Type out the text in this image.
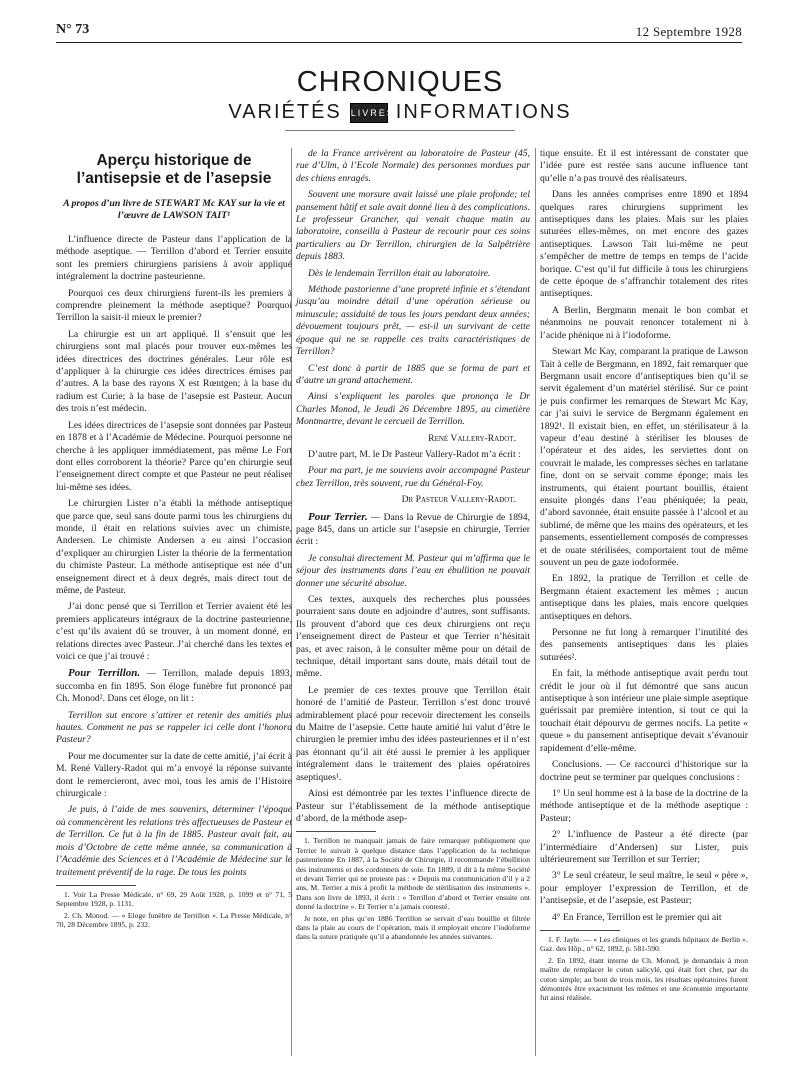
N° 73	12 Septembre 1928
CHRONIQUES
VARIÉTÉS LIVRES INFORMATIONS
Aperçu historique de l’antisepsie et de l’asepsie
A propos d’un livre de STEWART Mc KAY sur la vie et l’œuvre de LAWSON TAIT¹

L’influence directe de Pasteur dans l’application de la méthode aseptique. — Terrillon d’abord et Terrier ensuite sont les premiers chirurgiens parisiens à avoir appliqué intégralement la doctrine pasteurienne.

Pourquoi ces deux chirurgiens furent-ils les premiers à comprendre pleinement la méthode aseptique? Pourquoi Terrillon la saisit-il mieux le premier?

La chirurgie est un art appliqué. Il s’ensuit que les chirurgiens sont mal placés pour trouver eux-mêmes les idées directrices des doctrines générales. Leur rôle est d’appliquer à la chirurgie ces idées directrices émises par d’autres. A la base des rayons X est Rœntgen; à la base du radium est Curie; à la base de l’asepsie est Pasteur. Aucun des trois n’est médecin.

Les idées directrices de l’asepsie sont données par Pasteur en 1878 et à l’Académie de Médecine. Pourquoi personne ne cherche à les appliquer immédiatement, pas même Le Fort dont elles corroborent la théorie? Parce qu’en chirurgie seul l’enseignement direct compte et que Pasteur ne peut réaliser lui-même ses idées.

Le chirurgien Lister n’a établi la méthode antiseptique que parce que, seul sans doute parmi tous les chirurgiens du monde, il était en relations suivies avec un chimiste, Andersen. Le chimiste Andersen a eu ainsi l’occasion d’expliquer au chirurgien Lister la théorie de la fermentation du chimiste Pasteur. La méthode antiseptique est née d’un enseignement direct et à deux degrés, mais direct tout de même, de Pasteur.

J’ai donc pensé que si Terrillon et Terrier avaient été les premiers applicateurs intégraux de la doctrine pasteurienne, c’est qu’ils avaient dû se trouver, à un moment donné, en relations directes avec Pasteur. J’ai cherché dans les textes et voici ce que j’ai trouvé :

Pour Terrillon. — Terrillon, malade depuis 1893, succomba en fin 1895. Son éloge funèbre fut prononcé par Ch. Monod². Dans cet éloge, on lit :

Terrillon sut encore s’attirer et retenir des amitiés plus hautes. Comment ne pas se rappeler ici celle dont l’honora Pasteur?

Pour me documenter sur la date de cette amitié, j’ai écrit à M. René Vallery-Radot qui m’a envoyé la réponse suivante dont le remercieront, avec moi, tous les amis de l’Histoire chirurgicale :

Je puis, à l’aide de mes souvenirs, déterminer l’époque où commencèrent les relations très affectueuses de Pasteur et de Terrillon. Ce fut à la fin de 1885. Pasteur avait fait, au mois d’Octobre de cette même année, sa communication à l’Académie des Sciences et à l’Académie de Médecine sur le traitement préventif de la rage. De tous les points

1. Voir La Presse Médicale, n° 69, 29 Août 1928, p. 1099 et n° 71, 5 Septembre 1928, p. 1131.

2. Ch. Monod. — « Eloge funèbre de Terrillon ». La Presse Médicale, n° 70, 28 Décembre 1895, p. 232.

de la France arrivèrent au laboratoire de Pasteur (45, rue d’Ulm, à l’Ecole Normale) des personnes mordues par des chiens enragés.

Souvent une morsure avait laissé une plaie profonde; tel pansement hâtif et sale avait donné lieu à des complications. Le professeur Grancher, qui venait chaque matin au laboratoire, conseilla à Pasteur de recourir pour ces soins particuliers au Dr Terrillon, chirurgien de la Salpêtrière depuis 1883.

Dès le lendemain Terrillon était au laboratoire.

Méthode pastorienne d’une propreté infinie et s’étendant jusqu’au moindre détail d’une opération sérieuse ou minuscule; assiduité de tous les jours pendant deux années; dévouement toujours prêt, — est-il un survivant de cette époque qui ne se rappelle ces traits caractéristiques de Terrillon?

C’est donc à partir de 1885 que se forma de part et d’autre un grand attachement.

Ainsi s’expliquent les paroles que prononça le Dr Charles Monod, le Jeudi 26 Décembre 1895, au cimetière Montmartre, devant le cercueil de Terrillon.

René Vallery-Radot.

D’autre part, M. le Dr Pasteur Vallery-Radot m’a écrit :

Pour ma part, je me souviens avoir accompagné Pasteur chez Terrillon, très souvent, rue du Général-Foy.

Dr Pasteur Vallery-Radot.

Pour Terrier. — Dans la Revue de Chirurgie de 1894, page 845, dans un article sur l’asepsie en chirurgie, Terrier écrit :

Je consultai directement M. Pasteur qui m’affirma que le séjour des instruments dans l’eau en ébullition ne pouvait donner une sécurité absolue.

Ces textes, auxquels des recherches plus poussées pourraient sans doute en adjoindre d’autres, sont suffisants. Ils prouvent d’abord que ces deux chirurgiens ont reçu l’enseignement direct de Pasteur et que Terrier n’hésitait pas, et avec raison, à le consulter même pour un détail de technique, détail important sans doute, mais détail tout de même.

Le premier de ces textes prouve que Terrillon était honoré de l’amitié de Pasteur. Terrillon s’est donc trouvé admirablement placé pour recevoir directement les conseils du Maitre de l’asepsie. Cette haute amitié lui valut d’être le chirurgien le premier imbu des idées pasteuriennes et il n’est pas étonnant qu’il ait été aussi le premier à les appliquer intégralement dans le traitement des plaies opératoires aseptiques¹.

Ainsi est démontrée par les textes l’influence directe de Pasteur sur l’établissement de la méthode antiseptique d’abord, de la méthode asep-

1. Terrillon ne manquait jamais de faire remarquer publiquement que Terrier le suivait à quelque distance dans l’application de la technique pasteurienne En 1887, à la Société de Chirurgie, il recommande l’ébullition des instruments et des cordonnets de soie. En 1889, il dit à la même Société et devant Terrier qui ne proteste pas : « Depuis ma communication d’il y a 2 ans, M. Terrier a mis à profit la méthode de stérilisation des instruments ». Dans son livre de 1893, il écrit : « Terrillon d’abord et Terrier ensuite ont donné la doctrine ». Et Terrier n’a jamais contesté.

Je note, en plus qu’en 1886 Terrillon se servait d’eau bouillie et filtrée dans la plaie au cours de l’opération, mais il employait encore l’iodoforme dans la suture pratiquée qu’il a abandonnée les années suivantes.

tique ensuite. Et il est intéressant de constater que l’idée pure est restée sans aucune influence tant qu’elle n’a pas trouvé des réalisateurs.

Dans les années comprises entre 1890 et 1894 quelques rares chirurgiens suppriment les antiseptiques dans les plaies. Mais sur les plaies suturées elles-mêmes, on met encore des gazes antiseptiques. Lawson Tait lui-même ne peut s’empêcher de mettre de temps en temps de l’acide borique. C’est qu’il fut difficile à tous les chirurgiens de cette époque de s’affranchir totalement des rites antiseptiques.

A Berlin, Bergmann menait le bon combat et néanmoins ne pouvait renoncer totalement ni à l’acide phénique ni à l’iodoforme.

Stewart Mc Kay, comparant la pratique de Lawson Tait à celle de Bergmann, en 1892, fait remarquer que Bergmann usait encore d’antiseptiques bien qu’il se servit également d’un matériel stérilisé. Sur ce point je puis confirmer les remarques de Stewart Mc Kay, car j’ai suivi le service de Bergmann également en 1892¹. Il existait bien, en effet, un stérilisateur à la vapeur d’eau destiné à stériliser les blouses de l’opérateur et des aides, les serviettes dont on couvrait le malade, les compresses sèches en tarlatane fine, dont on se servait comme éponge; mais les instruments, qui étaient pourtant bouillis, étaient ensuite plongés dans l’eau phéniquée; la peau, d’abord savonnée, était ensuite passée à l’alcool et au sublimé, de même que les mains des opérateurs, et les pansements, essentiellement composés de compresses et de ouate stérilisées, comportaient tout de même souvent un peu de gaze iodoformée.

En 1892, la pratique de Terrillon et celle de Bergmann étaient exactement les mêmes ; aucun antiseptique dans les plaies, mais encore quelques antiseptiques en dehors.

Personne ne fut long à remarquer l’inutilité des des pansements antiseptiques dans les plaies suturées².

En fait, la méthode antiseptique avait perdu tout crédit le jour où il fut démontré que sans aucun antiseptique à son intérieur une plaie simple aseptique guérissait par première intention, si tout ce qui la touchait était dépourvu de germes nocifs. La petite « queue » du pansement antiseptique devait s’évanouir rapidement d’elle-même.

Conclusions. — Ce raccourci d’historique sur la doctrine peut se terminer par quelques conclusions :

1° Un seul homme est à la base de la doctrine de la méthode antiseptique et de la méthode aseptique : Pasteur;

2° L’influence de Pasteur a été directe (par l’intermédiaire d’Andersen) sur Lister, puis ultérieurement sur Terrillon et sur Terrier;

3° Le seul créateur, le seul maître, le seul « père », pour employer l’expression de Terrillon, et de l’antisepsie, et de l’asepsie, est Pasteur;

4° En France, Terrillon est le premier qui ait

1. F. Jayle. — « Les cliniques et les grands hôpitaux de Berlin ». Gaz. des Hôp., n° 62, 1892, p. 581-590.

2. En 1892, étant interne de Ch. Monod, je demandais à mon maître de remplacer le coton salicylé, qui était fort cher, par du coton simple; au bout de trois mois, les résultats opératoires furent démontrés être exactement les mêmes et une économie importante fut ainsi réalisée.
